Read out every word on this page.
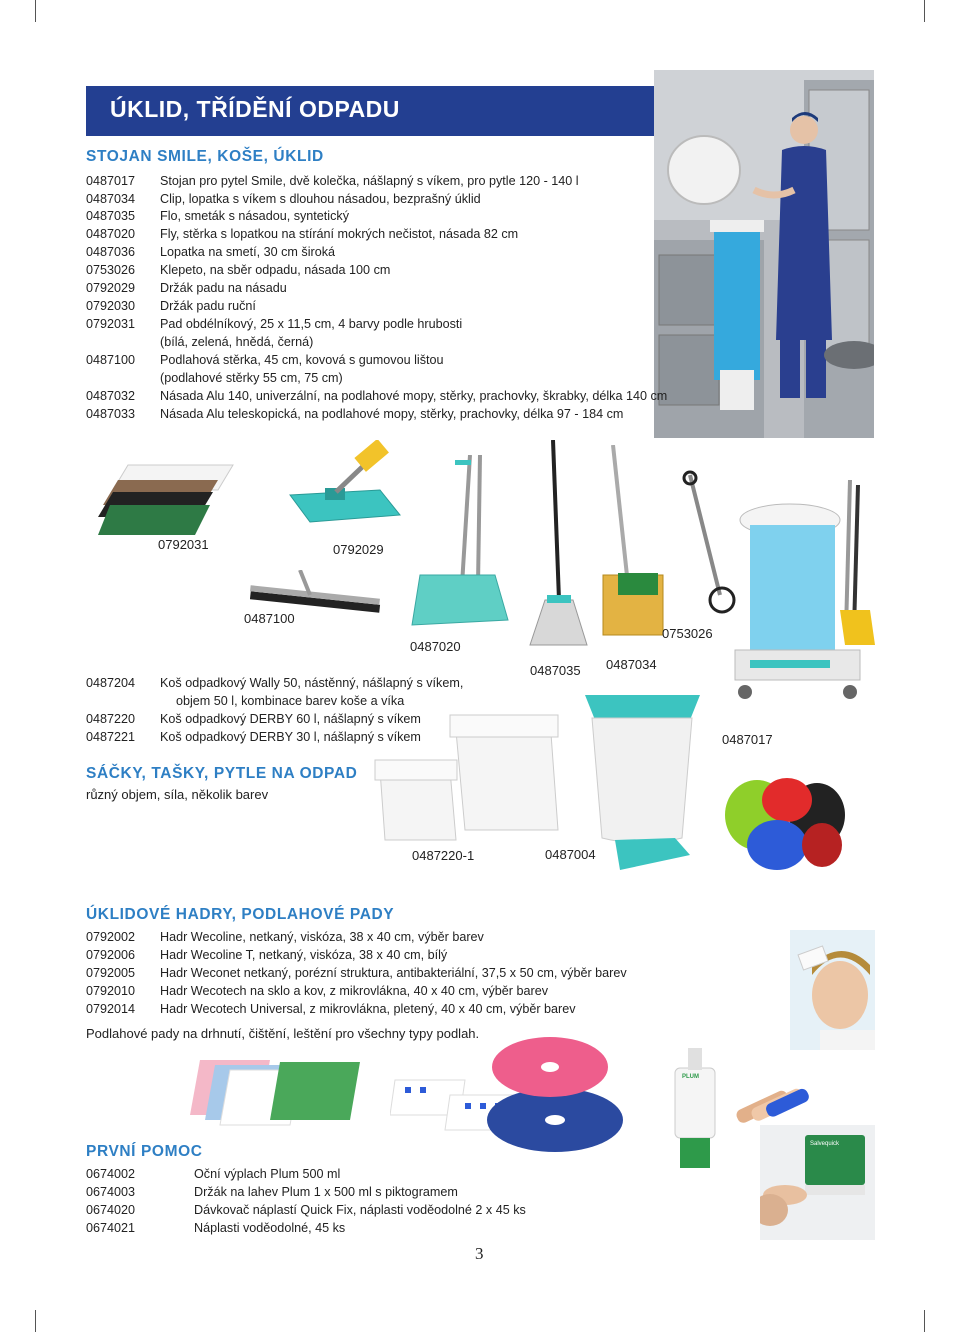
ÚKLID, TŘÍDĚNÍ ODPADU
STOJAN SMILE, KOŠE, ÚKLID
0487017 Stojan pro pytel Smile, dvě kolečka, nášlapný s víkem, pro pytle 120 - 140 l
0487034 Clip, lopatka s víkem s dlouhou násadou, bezprašný úklid
0487035 Flo, smeták s násadou, syntetický
0487020 Fly, stěrka s lopatkou na stírání mokrých nečistot, násada 82 cm
0487036 Lopatka na smetí, 30 cm široká
0753026 Klepeto, na sběr odpadu, násada 100 cm
0792029 Držák padu na násadu
0792030 Držák padu ruční
0792031 Pad obdélníkový, 25 x 11,5 cm, 4 barvy podle hrubosti
(bílá, zelená, hnědá, černá)
0487100 Podlahová stěrka, 45 cm, kovová s gumovou lištou
(podlahové stěrky 55 cm, 75 cm)
0487032 Násada Alu 140, univerzální, na podlahové mopy, stěrky, prachovky, škrabky, délka 140 cm
0487033 Násada Alu teleskopická, na podlahové mopy, stěrky, prachovky, délka 97 - 184 cm
0792031	0792029
0487100
0487020
0487035 0487034
0753026
0487017
0487220-1	0487004
0487204 Koš odpadkový Wally 50, nástěnný, nášlapný s víkem,
objem 50 l, kombinace barev koše a víka
0487220 Koš odpadkový DERBY 60 l, nášlapný s víkem
0487221 Koš odpadkový DERBY 30 l, nášlapný s víkem
SÁČKY, TAŠKY, PYTLE NA ODPAD
různý objem, síla, několik barev
ÚKLIDOVÉ HADRY, PODLAHOVÉ PADY
0792002 Hadr Wecoline, netkaný, viskóza, 38 x 40 cm, výběr barev
0792006 Hadr Wecoline T, netkaný, viskóza, 38 x 40 cm, bílý
0792005 Hadr Weconet netkaný, porézní struktura, antibakteriální, 37,5 x 50 cm, výběr barev
0792010 Hadr Wecotech na sklo a kov, z mikrovlákna, 40 x 40 cm, výběr barev
0792014 Hadr Wecotech Universal, z mikrovlákna, pletený, 40 x 40 cm, výběr barev
Podlahové pady na drhnutí, čištění, leštění pro všechny typy podlah.
PLUM
Salvequick
PRVNÍ POMOC
0674002	Oční výplach Plum 500 ml
0674003	Držák na lahev Plum 1 x 500 ml s piktogramem
0674020	Dávkovač náplastí Quick Fix, náplasti voděodolné 2 x 45 ks
0674021	Náplasti voděodolné, 45 ks
3
